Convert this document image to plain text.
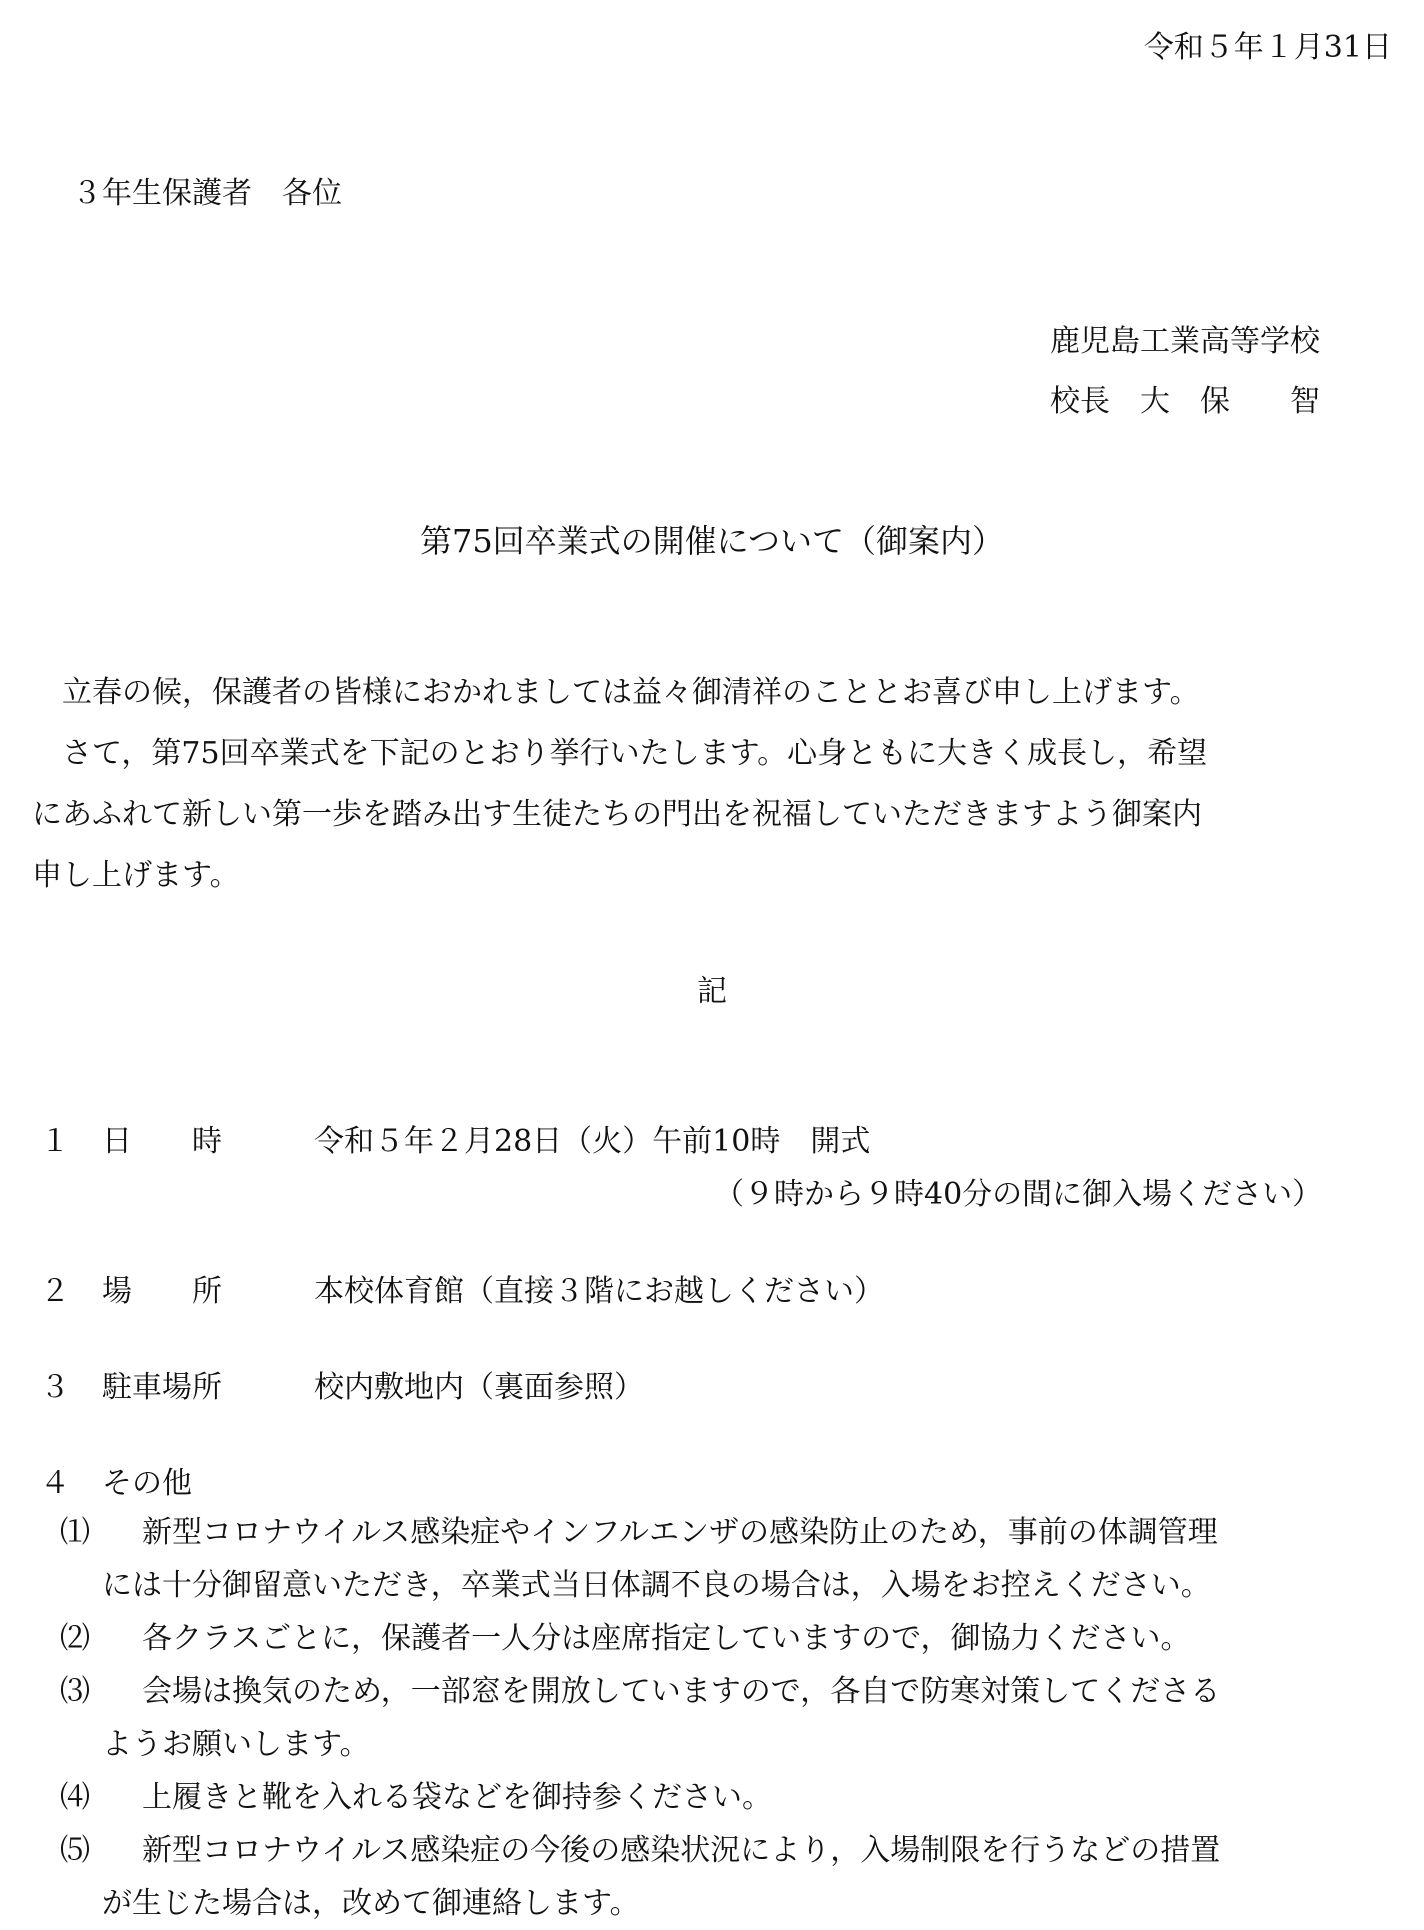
令和５年１月31日
３年生保護者　各位
鹿児島工業高等学校
校長　大　保　　智
第75回卒業式の開催について（御案内）

　立春の候，保護者の皆様におかれましては益々御清祥のこととお喜び申し上げます。

　さて，第75回卒業式を下記のとおり挙行いたします。心身ともに大きく成長し，希望

にあふれて新しい第一歩を踏み出す生徒たちの門出を祝福していただきますよう御案内

申し上げます。

記
１ 日　　時	令和５年２月28日（火）午前10時　開式
（９時から９時40分の間に御入場ください）
２ 場　　所	本校体育館（直接３階にお越しください）
３ 駐車場所	校内敷地内（裏面参照）
４ その他
⑴	新型コロナウイルス感染症やインフルエンザの感染防止のため，事前の体調管理
には十分御留意いただき，卒業式当日体調不良の場合は，入場をお控えください。
⑵	各クラスごとに，保護者一人分は座席指定していますので，御協力ください。
⑶	会場は換気のため，一部窓を開放していますので，各自で防寒対策してくださる
ようお願いします。
⑷	上履きと靴を入れる袋などを御持参ください。
⑸	新型コロナウイルス感染症の今後の感染状況により，入場制限を行うなどの措置
が生じた場合は，改めて御連絡します。
